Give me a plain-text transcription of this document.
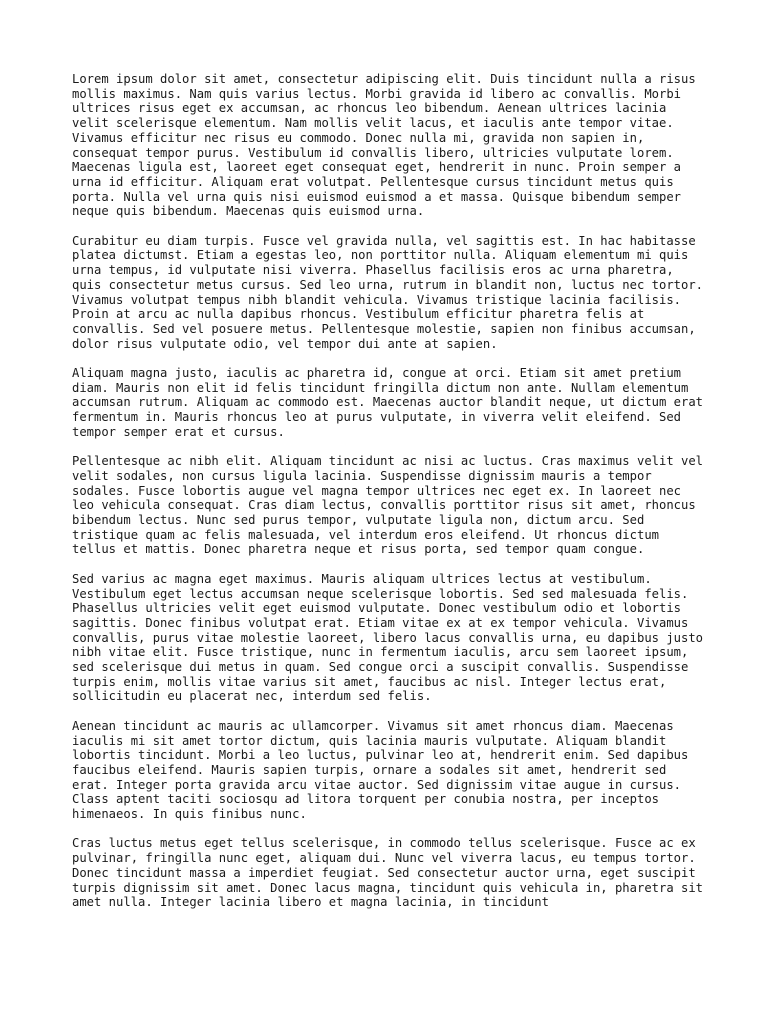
Lorem ipsum dolor sit amet, consectetur adipiscing elit. Duis tincidunt nulla a risus mollis maximus. Nam quis varius lectus. Morbi gravida id libero ac convallis. Morbi ultrices risus eget ex accumsan, ac rhoncus leo bibendum. Aenean ultrices lacinia velit scelerisque elementum. Nam mollis velit lacus, et iaculis ante tempor vitae. Vivamus efficitur nec risus eu commodo. Donec nulla mi, gravida non sapien in, consequat tempor purus. Vestibulum id convallis libero, ultricies vulputate lorem. Maecenas ligula est, laoreet eget consequat eget, hendrerit in nunc. Proin semper a urna id efficitur. Aliquam erat volutpat. Pellentesque cursus tincidunt metus quis porta. Nulla vel urna quis nisi euismod euismod a et massa. Quisque bibendum semper neque quis bibendum. Maecenas quis euismod urna.

Curabitur eu diam turpis. Fusce vel gravida nulla, vel sagittis est. In hac habitasse platea dictumst. Etiam a egestas leo, non porttitor nulla. Aliquam elementum mi quis urna tempus, id vulputate nisi viverra. Phasellus facilisis eros ac urna pharetra, quis consectetur metus cursus. Sed leo urna, rutrum in blandit non, luctus nec tortor. Vivamus volutpat tempus nibh blandit vehicula. Vivamus tristique lacinia facilisis. Proin at arcu ac nulla dapibus rhoncus. Vestibulum efficitur pharetra felis at convallis. Sed vel posuere metus. Pellentesque molestie, sapien non finibus accumsan, dolor risus vulputate odio, vel tempor dui ante at sapien.

Aliquam magna justo, iaculis ac pharetra id, congue at orci. Etiam sit amet pretium diam. Mauris non elit id felis tincidunt fringilla dictum non ante. Nullam elementum accumsan rutrum. Aliquam ac commodo est. Maecenas auctor blandit neque, ut dictum erat fermentum in. Mauris rhoncus leo at purus vulputate, in viverra velit eleifend. Sed tempor semper erat et cursus.

Pellentesque ac nibh elit. Aliquam tincidunt ac nisi ac luctus. Cras maximus velit vel velit sodales, non cursus ligula lacinia. Suspendisse dignissim mauris a tempor sodales. Fusce lobortis augue vel magna tempor ultrices nec eget ex. In laoreet nec leo vehicula consequat. Cras diam lectus, convallis porttitor risus sit amet, rhoncus bibendum lectus. Nunc sed purus tempor, vulputate ligula non, dictum arcu. Sed tristique quam ac felis malesuada, vel interdum eros eleifend. Ut rhoncus dictum tellus et mattis. Donec pharetra neque et risus porta, sed tempor quam congue.

Sed varius ac magna eget maximus. Mauris aliquam ultrices lectus at vestibulum. Vestibulum eget lectus accumsan neque scelerisque lobortis. Sed sed malesuada felis. Phasellus ultricies velit eget euismod vulputate. Donec vestibulum odio et lobortis sagittis. Donec finibus volutpat erat. Etiam vitae ex at ex tempor vehicula. Vivamus convallis, purus vitae molestie laoreet, libero lacus convallis urna, eu dapibus justo nibh vitae elit. Fusce tristique, nunc in fermentum iaculis, arcu sem laoreet ipsum, sed scelerisque dui metus in quam. Sed congue orci a suscipit convallis. Suspendisse turpis enim, mollis vitae varius sit amet, faucibus ac nisl. Integer lectus erat, sollicitudin eu placerat nec, interdum sed felis.

Aenean tincidunt ac mauris ac ullamcorper. Vivamus sit amet rhoncus diam. Maecenas iaculis mi sit amet tortor dictum, quis lacinia mauris vulputate. Aliquam blandit lobortis tincidunt. Morbi a leo luctus, pulvinar leo at, hendrerit enim. Sed dapibus faucibus eleifend. Mauris sapien turpis, ornare a sodales sit amet, hendrerit sed erat. Integer porta gravida arcu vitae auctor. Sed dignissim vitae augue in cursus. Class aptent taciti sociosqu ad litora torquent per conubia nostra, per inceptos himenaeos. In quis finibus nunc.

Cras luctus metus eget tellus scelerisque, in commodo tellus scelerisque. Fusce ac ex pulvinar, fringilla nunc eget, aliquam dui. Nunc vel viverra lacus, eu tempus tortor. Donec tincidunt massa a imperdiet feugiat. Sed consectetur auctor urna, eget suscipit turpis dignissim sit amet. Donec lacus magna, tincidunt quis vehicula in, pharetra sit amet nulla. Integer lacinia libero et magna lacinia, in tincidunt
